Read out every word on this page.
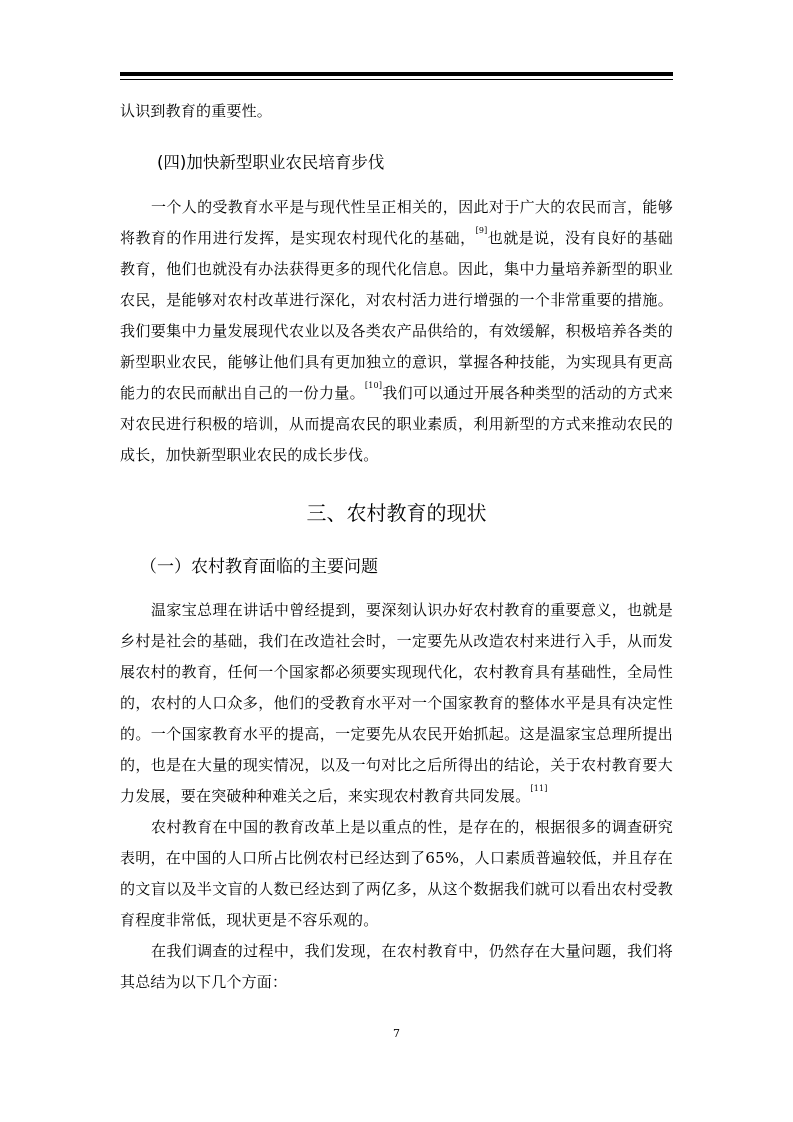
认识到教育的重要性。

(四)加快新型职业农民培育步伐

一个人的受教育水平是与现代性呈正相关的，因此对于广大的农民而言，能够将教育的作用进行发挥，是实现农村现代化的基础，[9]也就是说，没有良好的基础教育，他们也就没有办法获得更多的现代化信息。因此，集中力量培养新型的职业农民，是能够对农村改革进行深化，对农村活力进行增强的一个非常重要的措施。我们要集中力量发展现代农业以及各类农产品供给的，有效缓解，积极培养各类的新型职业农民，能够让他们具有更加独立的意识，掌握各种技能，为实现具有更高能力的农民而献出自己的一份力量。[10]我们可以通过开展各种类型的活动的方式来对农民进行积极的培训，从而提高农民的职业素质，利用新型的方式来推动农民的成长，加快新型职业农民的成长步伐。

三、农村教育的现状

（一）农村教育面临的主要问题

温家宝总理在讲话中曾经提到，要深刻认识办好农村教育的重要意义，也就是乡村是社会的基础，我们在改造社会时，一定要先从改造农村来进行入手，从而发展农村的教育，任何一个国家都必须要实现现代化，农村教育具有基础性，全局性的，农村的人口众多，他们的受教育水平对一个国家教育的整体水平是具有决定性的。一个国家教育水平的提高，一定要先从农民开始抓起。这是温家宝总理所提出的，也是在大量的现实情况，以及一句对比之后所得出的结论，关于农村教育要大力发展，要在突破种种难关之后，来实现农村教育共同发展。[11]

农村教育在中国的教育改革上是以重点的性，是存在的，根据很多的调查研究表明，在中国的人口所占比例农村已经达到了65%，人口素质普遍较低，并且存在的文盲以及半文盲的人数已经达到了两亿多，从这个数据我们就可以看出农村受教育程度非常低，现状更是不容乐观的。

在我们调查的过程中，我们发现，在农村教育中，仍然存在大量问题，我们将其总结为以下几个方面：

7
